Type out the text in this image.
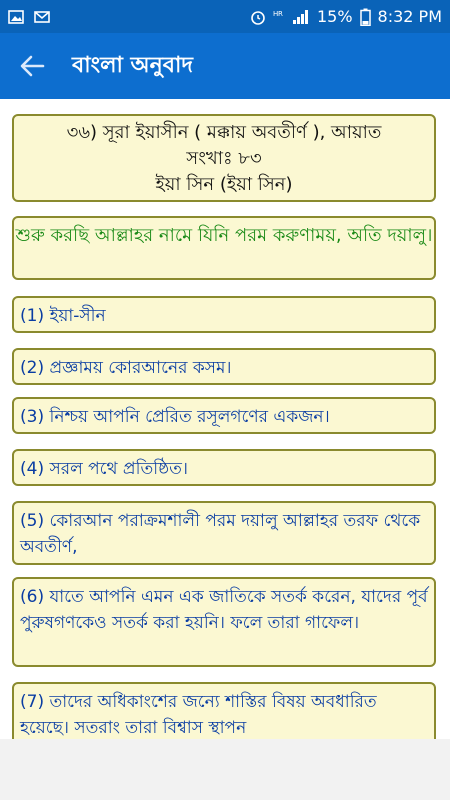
H R 15% 8:32 PM
বাংলা অনুবাদ
৩৬) সূরা ইয়াসীন ( মক্কায় অবতীর্ণ ), আয়াত
সংখাঃ ৮৩
ইয়া সিন (ইয়া সিন)
শুরু করছি আল্লাহর নামে যিনি পরম করুণাময়, অতি দয়ালু।
(1) ইয়া-সীন
(2) প্রজ্ঞাময় কোরআনের কসম।
(3) নিশ্চয় আপনি প্রেরিত রসূলগণের একজন।
(4) সরল পথে প্রতিষ্ঠিত।
(5) কোরআন পরাক্রমশালী পরম দয়ালু আল্লাহর তরফ থেকে অবতীর্ণ,
(6) যাতে আপনি এমন এক জাতিকে সতর্ক করেন, যাদের পূর্ব পুরুষগণকেও সতর্ক করা হয়নি। ফলে তারা গাফেল।
(7) তাদের অধিকাংশের জন্যে শাস্তির বিষয় অবধারিত হয়েছে। সতরাং তারা বিশ্বাস স্থাপন
